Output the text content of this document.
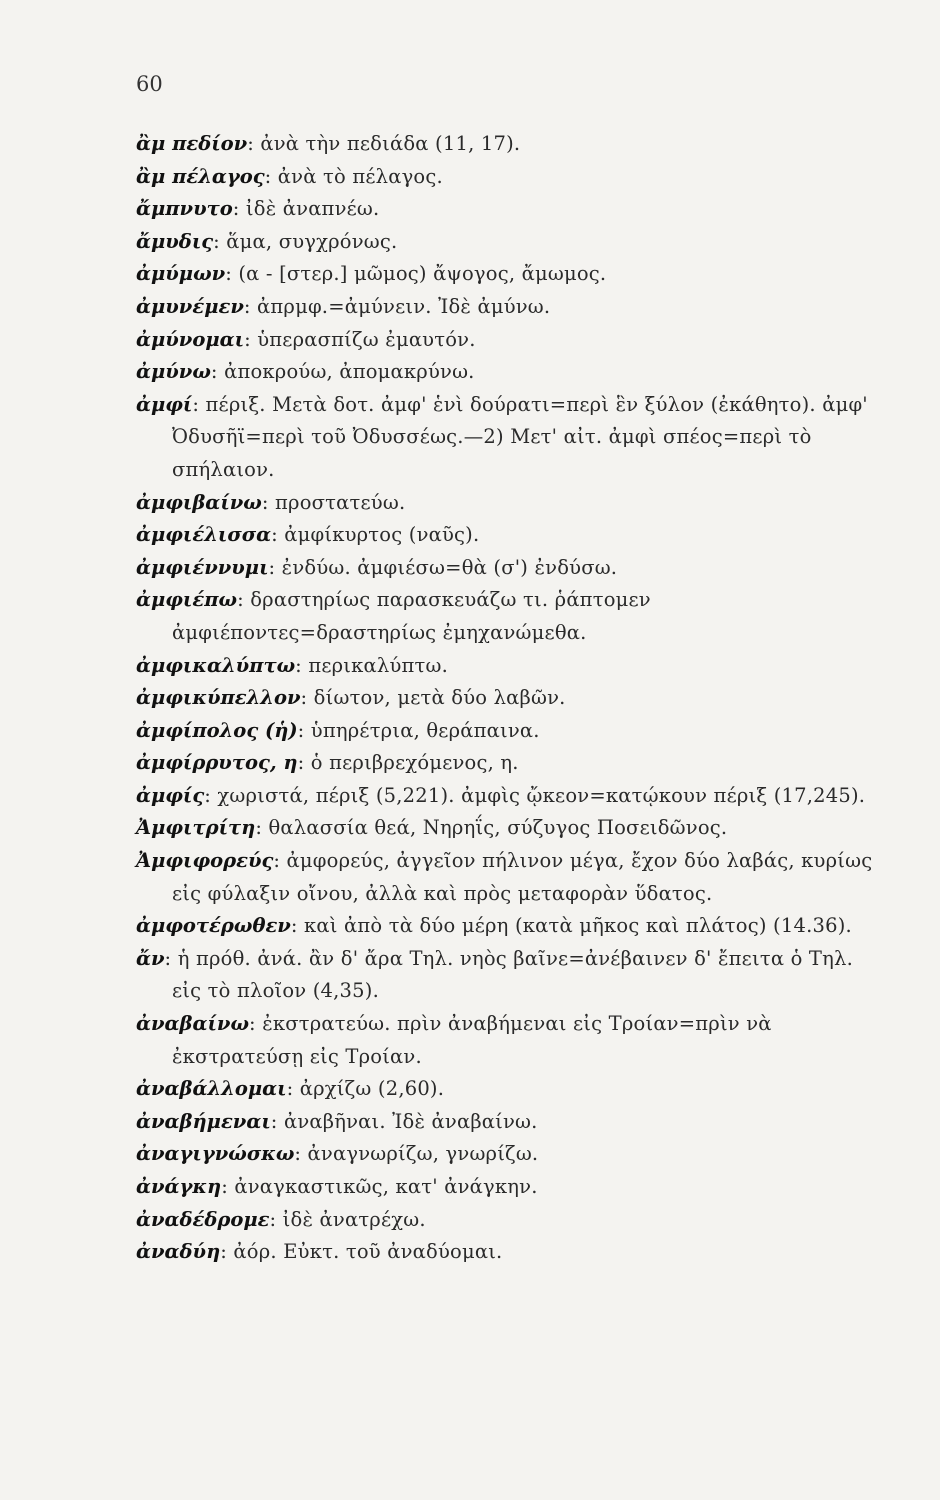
60

ἂμ πεδίον: ἀνὰ τὴν πεδιάδα (11, 17).

ἂμ πέλαγος: ἀνὰ τὸ πέλαγος.

ἄμπνυτο: ἰδὲ ἀναπνέω.

ἄμυδις: ἅμα, συγχρόνως.

ἀμύμων: (α - [στερ.] μῶμος) ἄψογος, ἄμωμος.

ἀμυνέμεν: ἀπρμφ.=ἀμύνειν. Ἰδὲ ἀμύνω.

ἀμύνομαι: ὑπερασπίζω ἐμαυτόν.

ἀμύνω: ἀποκρούω, ἀπομακρύνω.

ἀμφί: πέριξ. Μετὰ δοτ. ἀμφ' ἑνὶ δούρατι=περὶ ἓν ξύλον (ἐκάθητο). ἀμφ' Ὀδυσῆϊ=περὶ τοῦ Ὀδυσσέως.—2) Μετ' αἰτ. ἀμφὶ σπέος=περὶ τὸ σπήλαιον.

ἀμφιβαίνω: προστατεύω.

ἀμφιέλισσα: ἀμφίκυρτος (ναῦς).

ἀμφιέννυμι: ἐνδύω. ἀμφιέσω=θὰ (σ') ἐνδύσω.

ἀμφιέπω: δραστηρίως παρασκευάζω τι. ῥάπτομεν ἀμφιέποντες=δραστηρίως ἐμηχανώμεθα.

ἀμφικαλύπτω: περικαλύπτω.

ἀμφικύπελλον: δίωτον, μετὰ δύο λαβῶν.

ἀμφίπολος (ἡ): ὑπηρέτρια, θεράπαινα.

ἀμφίρρυτος, η: ὁ περιβρεχόμενος, η.

ἀμφίς: χωριστά, πέριξ (5,221). ἀμφὶς ᾤκεον=κατῴκουν πέριξ (17,245).

Ἀμφιτρίτη: θαλασσία θεά, Νηρηΐς, σύζυγος Ποσειδῶνος.

Ἀμφιφορεύς: ἀμφορεύς, ἀγγεῖον πήλινον μέγα, ἔχον δύο λαβάς, κυρίως εἰς φύλαξιν οἴνου, ἀλλὰ καὶ πρὸς μεταφορὰν ὕδατος.

ἀμφοτέρωθεν: καὶ ἀπὸ τὰ δύο μέρη (κατὰ μῆκος καὶ πλάτος) (14.36).

ἄν: ἡ πρόθ. ἀνά. ἂν δ' ἄρα Τηλ. νηὸς βαῖνε=ἀνέβαινεν δ' ἔπειτα ὁ Τηλ. εἰς τὸ πλοῖον (4,35).

ἀναβαίνω: ἐκστρατεύω. πρὶν ἀναβήμεναι εἰς Τροίαν=πρὶν νὰ ἐκστρατεύσῃ εἰς Τροίαν.

ἀναβάλλομαι: ἀρχίζω (2,60).

ἀναβήμεναι: ἀναβῆναι. Ἰδὲ ἀναβαίνω.

ἀναγιγνώσκω: ἀναγνωρίζω, γνωρίζω.

ἀνάγκη: ἀναγκαστικῶς, κατ' ἀνάγκην.

ἀναδέδρομε: ἰδὲ ἀνατρέχω.

ἀναδύη: ἀόρ. Εὐκτ. τοῦ ἀναδύομαι.
